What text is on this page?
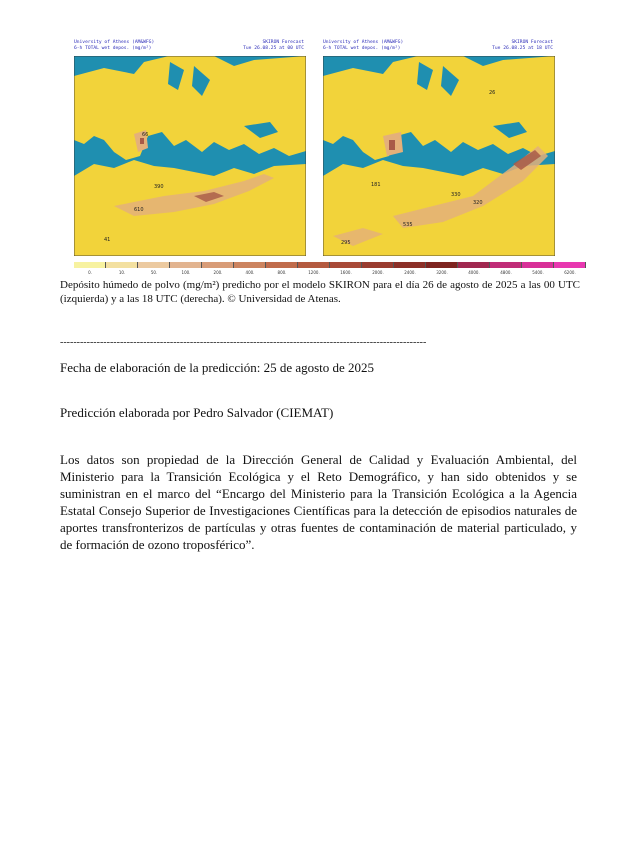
University of Athens (AM&WFG)
6-h TOTAL wet depos. (mg/m²)
SKIRON Forecast
Tue 26.08.25 at 00 UTC
66
390
610
41
University of Athens (AM&WFG)
6-h TOTAL wet depos. (mg/m²)
SKIRON Forecast
Tue 26.08.25 at 18 UTC
26
181
330
320
535
295
0.	10.	50.	100.	200.	400.	800.	1200.	1600.	2000.	2400.	3200.	4000.	4800.	5400.	6200.
Depósito húmedo de polvo (mg/m²) predicho por el modelo SKIRON para el día 26 de agosto de 2025 a las 00 UTC (izquierda) y a las 18 UTC (derecha). © Universidad de Atenas.
--------------------------------------------------------------------------------------------------------------
Fecha de elaboración de la predicción: 25 de agosto de 2025
Predicción elaborada por Pedro Salvador (CIEMAT)
Los datos son propiedad de la Dirección General de Calidad y Evaluación Ambiental, del Ministerio para la Transición Ecológica y el Reto Demográfico, y han sido obtenidos y se suministran en el marco del “Encargo del Ministerio para la Transición Ecológica a la Agencia Estatal Consejo Superior de Investigaciones Científicas para la detección de episodios naturales de aportes transfronterizos de partículas y otras fuentes de contaminación de material particulado, y de formación de ozono troposférico”.
